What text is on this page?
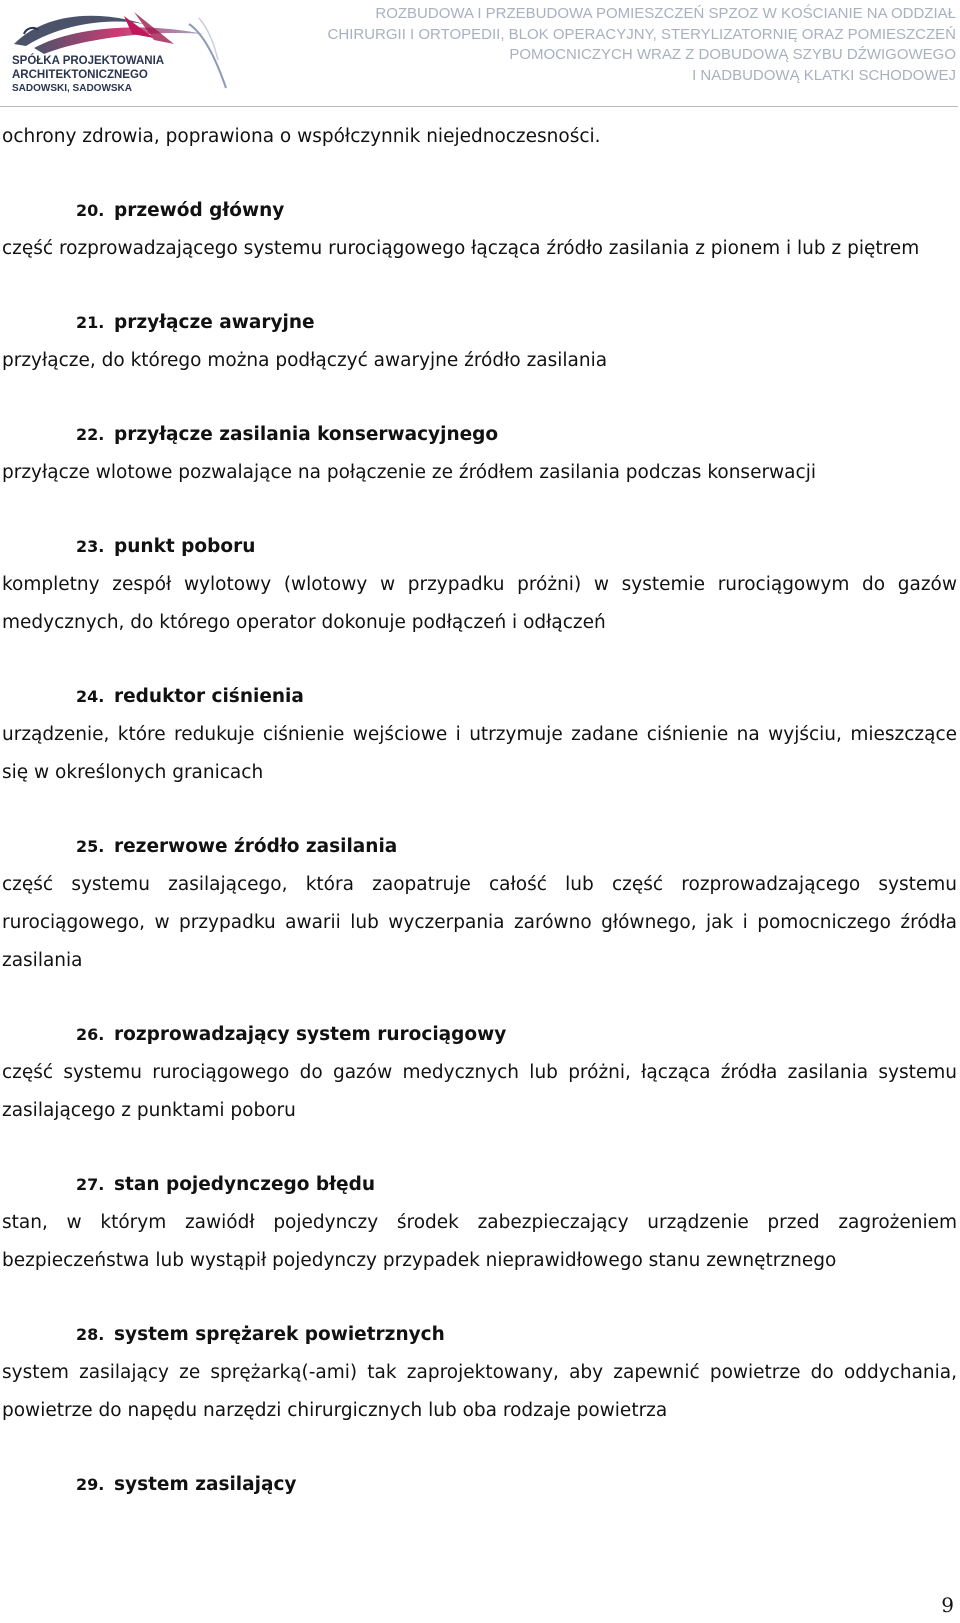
SPÓŁKA PROJEKTOWANIA ARCHITEKTONICZNEGO
SADOWSKI, SADOWSKA
ROZBUDOWA I PRZEBUDOWA POMIESZCZEŃ SPZOZ W KOŚCIANIE NA ODDZIAŁ
CHIRURGII I ORTOPEDII, BLOK OPERACYJNY, STERYLIZATORNIĘ ORAZ POMIESZCZEŃ
POMOCNICZYCH WRAZ Z DOBUDOWĄ SZYBU DŹWIGOWEGO
I NADBUDOWĄ KLATKI SCHODOWEJ

ochrony zdrowia, poprawiona o współczynnik niejednoczesności.

20. przewód główny

część rozprowadzającego systemu rurociągowego łącząca źródło zasilania z pionem i lub z piętrem

21. przyłącze awaryjne

przyłącze, do którego można podłączyć awaryjne źródło zasilania

22. przyłącze zasilania konserwacyjnego

przyłącze wlotowe pozwalające na połączenie ze źródłem zasilania podczas konserwacji

23. punkt poboru

kompletny zespół wylotowy (wlotowy w przypadku próżni) w systemie rurociągowym do gazów medycznych, do którego operator dokonuje podłączeń i odłączeń

24. reduktor ciśnienia

urządzenie, które redukuje ciśnienie wejściowe i utrzymuje zadane ciśnienie na wyjściu, mieszczące się w określonych granicach

25. rezerwowe źródło zasilania

część systemu zasilającego, która zaopatruje całość lub część rozprowadzającego systemu rurociągowego, w przypadku awarii lub wyczerpania zarówno głównego, jak i pomocniczego źródła zasilania

26. rozprowadzający system rurociągowy

część systemu rurociągowego do gazów medycznych lub próżni, łącząca źródła zasilania systemu zasilającego z punktami poboru

27. stan pojedynczego błędu

stan, w którym zawiódł pojedynczy środek zabezpieczający urządzenie przed zagrożeniem bezpieczeństwa lub wystąpił pojedynczy przypadek nieprawidłowego stanu zewnętrznego

28. system sprężarek powietrznych

system zasilający ze sprężarką(-ami) tak zaprojektowany, aby zapewnić powietrze do oddychania, powietrze do napędu narzędzi chirurgicznych lub oba rodzaje powietrza

29. system zasilający
9
